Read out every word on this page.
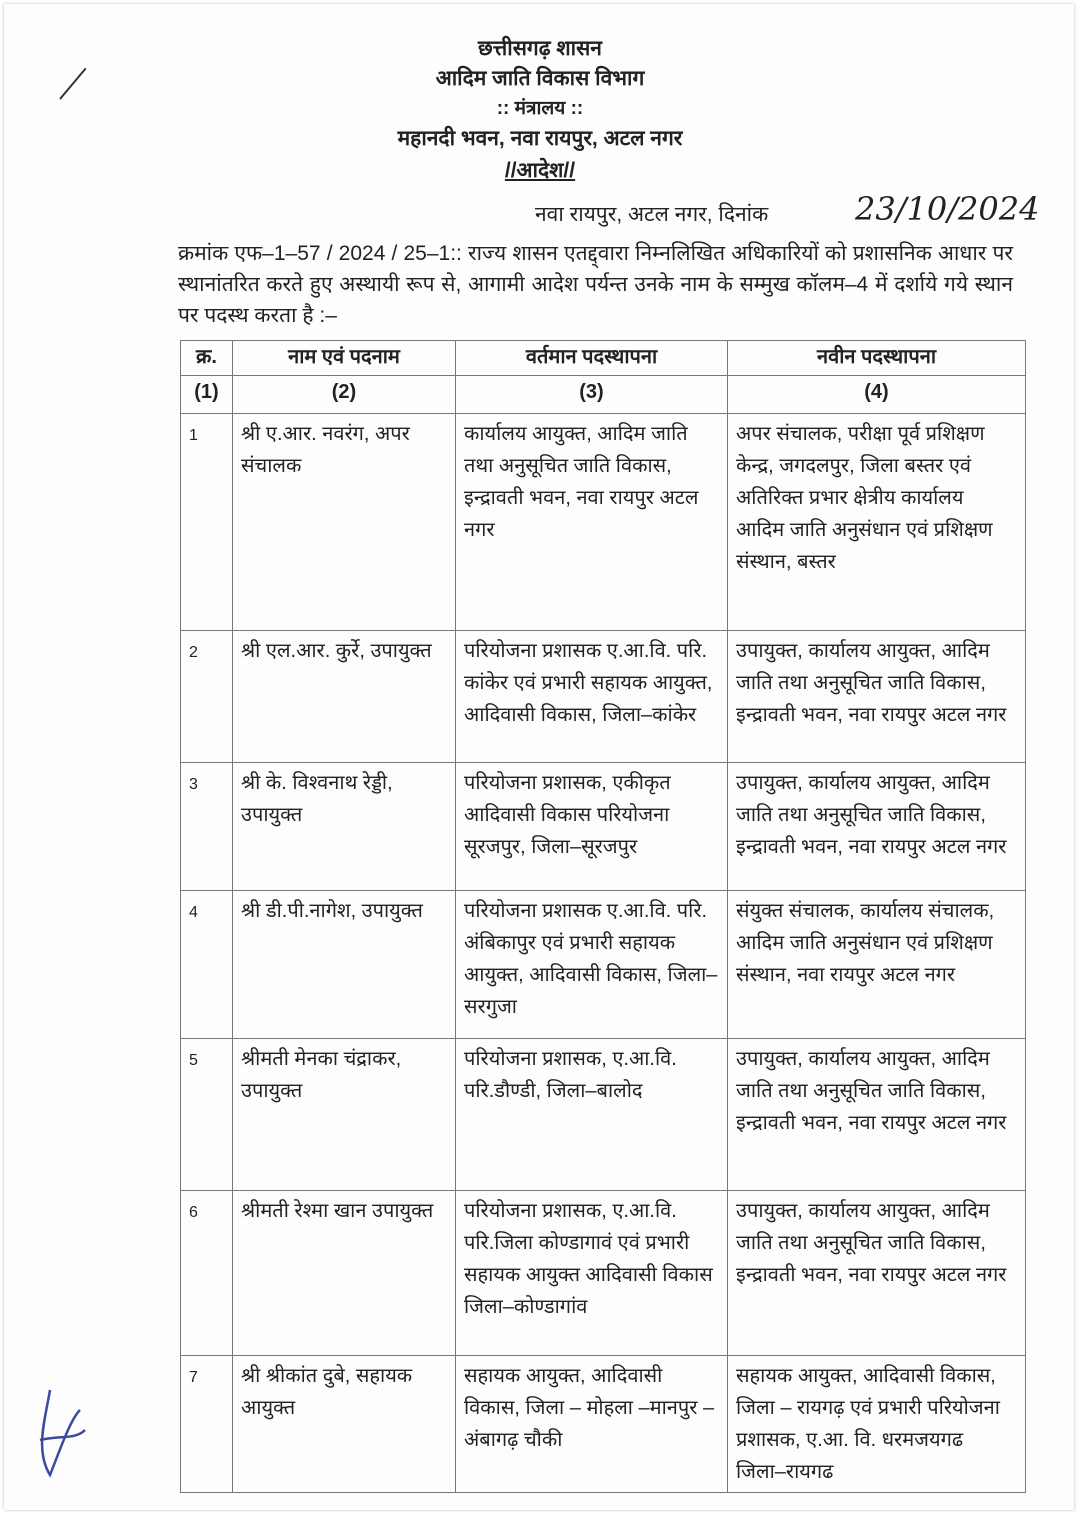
छत्तीसगढ़ शासन
आदिम जाति विकास विभाग
:: मंत्रालय ::
महानदी भवन, नवा रायपुर, अटल नगर
//आदेश//
नवा रायपुर, अटल नगर, दिनांक	23/10/2024
क्रमांक एफ–1–57 / 2024 / 25–1:: राज्य शासन एतद्द्वारा निम्नलिखित अधिकारियों को प्रशासनिक आधार पर स्थानांतरित करते हुए अस्थायी रूप से, आगामी आदेश पर्यन्त उनके नाम के सम्मुख कॉलम–4 में दर्शाये गये स्थान पर पदस्थ करता है :–
क्र.	नाम एवं पदनाम	वर्तमान पदस्थापना	नवीन पदस्थापना
(1)	(2)	(3)	(4)
1	श्री ए.आर. नवरंग, अपर संचालक	कार्यालय आयुक्त, आदिम जाति तथा अनुसूचित जाति विकास, इन्द्रावती भवन, नवा रायपुर अटल नगर	अपर संचालक, परीक्षा पूर्व प्रशिक्षण केन्द्र, जगदलपुर, जिला बस्तर एवं अतिरिक्त प्रभार क्षेत्रीय कार्यालय आदिम जाति अनुसंधान एवं प्रशिक्षण संस्थान, बस्तर
2	श्री एल.आर. कुर्रे, उपायुक्त	परियोजना प्रशासक ए.आ.वि. परि. कांकेर एवं प्रभारी सहायक आयुक्त, आदिवासी विकास, जिला–कांकेर	उपायुक्त, कार्यालय आयुक्त, आदिम जाति तथा अनुसूचित जाति विकास, इन्द्रावती भवन, नवा रायपुर अटल नगर
3	श्री के. विश्वनाथ रेड्डी, उपायुक्त	परियोजना प्रशासक, एकीकृत आदिवासी विकास परियोजना सूरजपुर, जिला–सूरजपुर	उपायुक्त, कार्यालय आयुक्त, आदिम जाति तथा अनुसूचित जाति विकास, इन्द्रावती भवन, नवा रायपुर अटल नगर
4	श्री डी.पी.नागेश, उपायुक्त	परियोजना प्रशासक ए.आ.वि. परि. अंबिकापुर एवं प्रभारी सहायक आयुक्त, आदिवासी विकास, जिला–सरगुजा	संयुक्त संचालक, कार्यालय संचालक, आदिम जाति अनुसंधान एवं प्रशिक्षण संस्थान, नवा रायपुर अटल नगर
5	श्रीमती मेनका चंद्राकर, उपायुक्त	परियोजना प्रशासक, ए.आ.वि. परि.डौण्डी, जिला–बालोद	उपायुक्त, कार्यालय आयुक्त, आदिम जाति तथा अनुसूचित जाति विकास, इन्द्रावती भवन, नवा रायपुर अटल नगर
6	श्रीमती रेश्मा खान उपायुक्त	परियोजना प्रशासक, ए.आ.वि. परि.जिला कोण्डागावं एवं प्रभारी सहायक आयुक्त आदिवासी विकास जिला–कोण्डागांव	उपायुक्त, कार्यालय आयुक्त, आदिम जाति तथा अनुसूचित जाति विकास, इन्द्रावती भवन, नवा रायपुर अटल नगर
7	श्री श्रीकांत दुबे, सहायक आयुक्त	सहायक आयुक्त, आदिवासी विकास, जिला – मोहला –मानपुर –अंबागढ़ चौकी	सहायक आयुक्त, आदिवासी विकास, जिला – रायगढ़ एवं प्रभारी परियोजना प्रशासक, ए.आ. वि. धरमजयगढ जिला–रायगढ
